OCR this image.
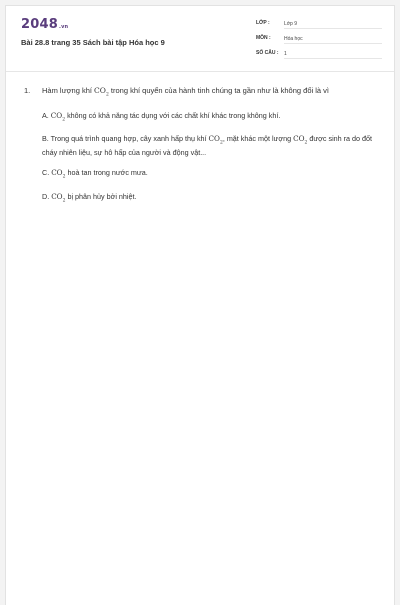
2048.vn
Bài 28.8 trang 35 Sách bài tập Hóa học 9
LỚP :	Lớp 9
MÔN :	Hóa học
SỐ CÂU : 1
1.	Hàm lượng khí $CO_2$ trong khí quyển của hành tinh chúng ta gần như là không đổi là vì
A. $CO_2$ không có khả năng tác dụng với các chất khí khác trong không khí.
B. Trong quá trình quang hợp, cây xanh hấp thụ khí $CO_2$, mặt khác một lượng $CO_2$ được sinh ra do đốt cháy nhiên liệu, sự hô hấp của người và động vật...
C. $CO_2$ hoà tan trong nước mưa.
D. $CO_2$ bị phân hủy bởi nhiệt.
